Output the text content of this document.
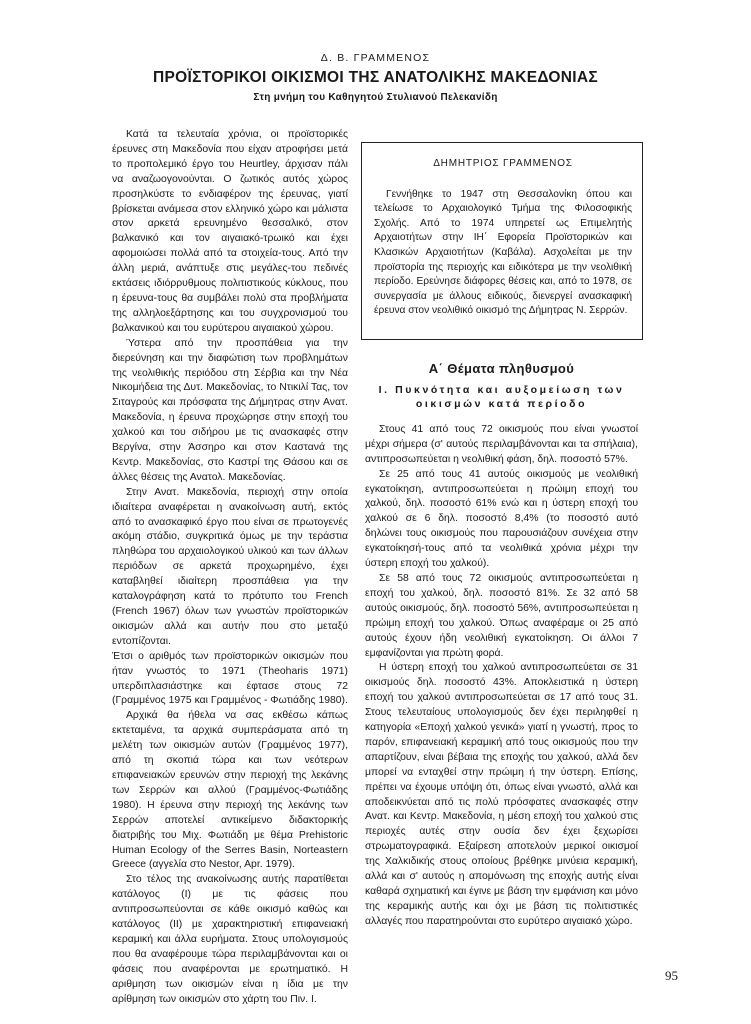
Δ. Β. ΓΡΑΜΜΕΝΟΣ
ΠΡΟΪΣΤΟΡΙΚΟΙ ΟΙΚΙΣΜΟΙ ΤΗΣ ΑΝΑΤΟΛΙΚΗΣ ΜΑΚΕΔΟΝΙΑΣ
Στη μνήμη του Καθηγητού Στυλιανού Πελεκανίδη

Κατά τα τελευταία χρόνια, οι προϊστορικές έρευνες στη Μακεδονία που είχαν ατροφήσει μετά το προπολεμικό έργο του Heurtley, άρχισαν πάλι να αναζωογονούνται. Ο ζωτικός αυτός χώρος προσηλκύστε το ενδιαφέρον της έρευνας, γιατί βρίσκεται ανάμεσα στον ελληνικό χώρο και μάλιστα στον αρκετά ερευνημένο θεσσαλικό, στον βαλκανικό και τον αιγαιακό-τρωικό και έχει αφομοιώσει πολλά από τα στοιχεία-τους. Από την άλλη μεριά, ανάπτυξε στις μεγάλες-του πεδινές εκτάσεις ιδιόρρυθμους πολιτιστικούς κύκλους, που η έρευνα-τους θα συμβάλει πολύ στα προβλήματα της αλληλοεξάρτησης και του συγχρονισμού του βαλκανικού και του ευρύτερου αιγαιακού χώρου.

Ύστερα από την προσπάθεια για την διερεύνηση και την διαφώτιση των προβλημάτων της νεολιθικής περιόδου στη Σέρβια και την Νέα Νικομήδεια της Δυτ. Μακεδονίας, το Ντικιλί Τας, τον Σιταγρούς και πρόσφατα της Δήμητρας στην Ανατ. Μακεδονία, η έρευνα προχώρησε στην εποχή του χαλκού και του σιδήρου με τις ανασκαφές στην Βεργίνα, στην Άσσηρο και στον Καστανά της Κεντρ. Μακεδονίας, στο Καστρί της Θάσου και σε άλλες θέσεις της Ανατολ. Μακεδονίας.

Στην Ανατ. Μακεδονία, περιοχή στην οποία ιδιαίτερα αναφέρεται η ανακοίνωση αυτή, εκτός από το ανασκαφικό έργο που είναι σε πρωτογενές ακόμη στάδιο, συγκριτικά όμως με την τεράστια πληθώρα του αρχαιολογικού υλικού και των άλλων περιόδων σε αρκετά προχωρημένο, έχει καταβληθεί ιδιαίτερη προσπάθεια για την καταλογράφηση κατά το πρότυπο του French (French 1967) όλων των γνωστών προϊστορικών οικισμών αλλά και αυτήν που στο μεταξύ εντοπίζονται.

Έτσι ο αριθμός των προϊστορικών οικισμών που ήταν γνωστός το 1971 (Theoharis 1971) υπερδιπλασιάστηκε και έφτασε στους 72 (Γραμμένος 1975 και Γραμμένος - Φωτιάδης 1980).

Αρχικά θα ήθελα να σας εκθέσω κάπως εκτεταμένα, τα αρχικά συμπεράσματα από τη μελέτη των οικισμών αυτών (Γραμμένος 1977), από τη σκοπιά τώρα και των νεότερων επιφανειακών ερευνών στην περιοχή της λεκάνης των Σερρών και αλλού (Γραμμένος-Φωτιάδης 1980). Η έρευνα στην περιοχή της λεκάνης των Σερρών αποτελεί αντικείμενο διδακτορικής διατριβής του Μιχ. Φωτιάδη με θέμα Prehistoric Human Ecology of the Serres Basin, Norteastern Greece (αγγελία στο Nestor, Apr. 1979).

Στο τέλος της ανακοίνωσης αυτής παρατίθεται κατάλογος (Ι) με τις φάσεις που αντιπροσωπεύονται σε κάθε οικισμό καθώς και κατάλογος (ΙΙ) με χαρακτηριστική επιφανειακή κεραμική και άλλα ευρήματα. Στους υπολογισμούς που θα αναφέρουμε τώρα περιλαμβάνονται και οι φάσεις που αναφέρονται με ερωτηματικό. Η αριθμηση των οικισμών είναι η ίδια με την αρίθμηση των οικισμών στο χάρτη του Πιν. Ι.

ΔΗΜΗΤΡΙΟΣ ΓΡΑΜΜΕΝΟΣ

Γεννήθηκε το 1947 στη Θεσσαλονίκη όπου και τελείωσε το Αρχαιολογικό Τμήμα της Φιλοσοφικής Σχολής. Από το 1974 υπηρετεί ως Επιμελητής Αρχαιοτήτων στην ΙΗ΄ Εφορεία Προϊστορικών και Κλασικών Αρχαιοτήτων (Καβάλα). Ασχολείται με την προϊστορία της περιοχής και ειδικότερα με την νεολιθική περίοδο. Ερεύνησε διάφορες θέσεις και, από το 1978, σε συνεργασία με άλλους ειδικούς, διενεργεί ανασκαφική έρευνα στον νεολιθικό οικισμό της Δήμητρας Ν. Σερρών.

Α΄ Θέματα πληθυσμού
Ι. Πυκνότητα και αυξομείωση των οικισμών κατά περίοδο

Στους 41 από τους 72 οικισμούς που είναι γνωστοί μέχρι σήμερα (σ' αυτούς περιλαμβάνονται και τα σπήλαια), αντιπροσωπεύεται η νεολιθική φάση, δηλ. ποσοστό 57%.

Σε 25 από τους 41 αυτούς οικισμούς με νεολιθική εγκατοίκηση, αντιπροσωπεύεται η πρώιμη εποχή του χαλκού, δηλ. ποσοστό 61% ενώ και η ύστερη εποχή του χαλκού σε 6 δηλ. ποσοστό 8,4% (το ποσοστό αυτό δηλώνει τους οικισμούς που παρουσιάζουν συνέχεια στην εγκατοίκησή-τους από τα νεολιθικά χρόνια μέχρι την ύστερη εποχή του χαλκού).

Σε 58 από τους 72 οικισμούς αντιπροσωπεύεται η εποχή του χαλκού, δηλ. ποσοστό 81%. Σε 32 από 58 αυτούς οικισμούς, δηλ. ποσοστό 56%, αντιπροσωπεύεται η πρώιμη εποχή του χαλκού. Όπως αναφέραμε οι 25 από αυτούς έχουν ήδη νεολιθική εγκατοίκηση. Οι άλλοι 7 εμφανίζονται για πρώτη φορά.

Η ύστερη εποχή του χαλκού αντιπροσωπεύεται σε 31 οικισμούς δηλ. ποσοστό 43%. Αποκλειστικά η ύστερη εποχή του χαλκού αντιπροσωπεύεται σε 17 από τους 31. Στους τελευταίους υπολογισμούς δεν έχει περιληφθεί η κατηγορία «Εποχή χαλκού γενικά» γιατί η γνωστή, προς το παρόν, επιφανειακή κεραμική από τους οικισμούς που την απαρτίζουν, είναι βέβαια της εποχής του χαλκού, αλλά δεν μπορεί να ενταχθεί στην πρώιμη ή την ύστερη. Επίσης, πρέπει να έχουμε υπόψη ότι, όπως είναι γνωστό, αλλά και αποδεικνύεται από τις πολύ πρόσφατες ανασκαφές στην Ανατ. και Κεντρ. Μακεδονία, η μέση εποχή του χαλκού στις περιοχές αυτές στην ουσία δεν έχει ξεχωρίσει στρωματογραφικά. Εξαίρεση αποτελούν μερικοί οικισμοί της Χαλκιδικής στους οποίους βρέθηκε μινύεια κεραμική, αλλά και σ' αυτούς η απομόνωση της εποχής αυτής είναι καθαρά σχηματική και έγινε με βάση την εμφάνιση και μόνο της κεραμικής αυτής και όχι με βάση τις πολιτιστικές αλλαγές που παρατηρούνται στο ευρύτερο αιγαιακό χώρο.

95
